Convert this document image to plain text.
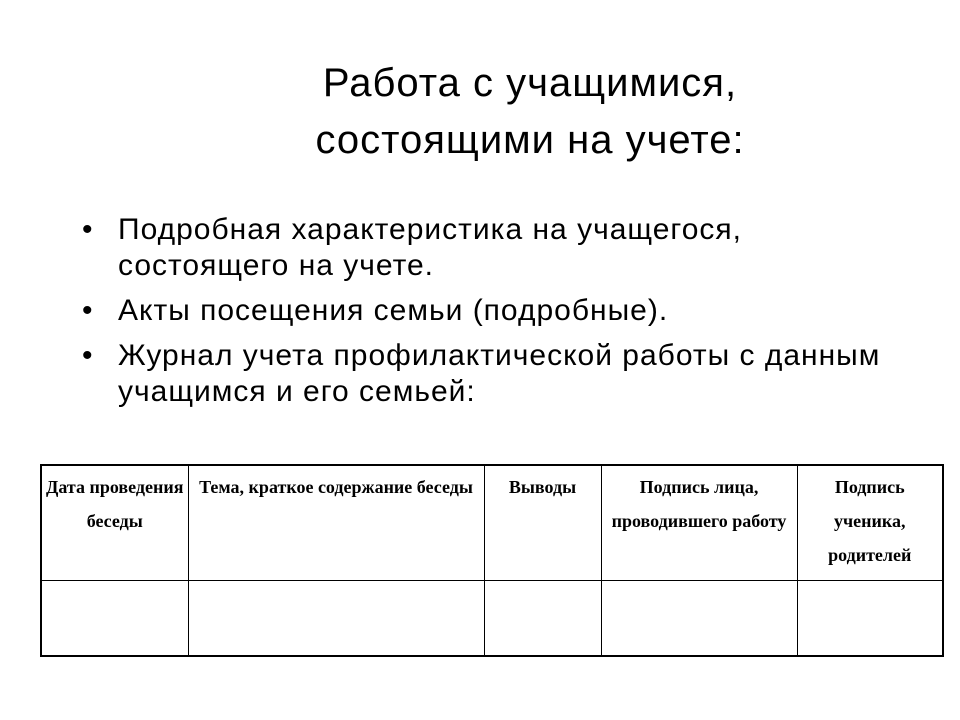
Работа с учащимися,
состоящими на учете:
• Подробная характеристика на учащегося, состоящего на учете.
• Акты посещения семьи (подробные).
• Журнал учета профилактической работы с данным учащимся и его семьей:
Дата проведения беседы	Тема, краткое содержание беседы	Выводы	Подпись лица, проводившего работу	Подпись ученика, родителей
